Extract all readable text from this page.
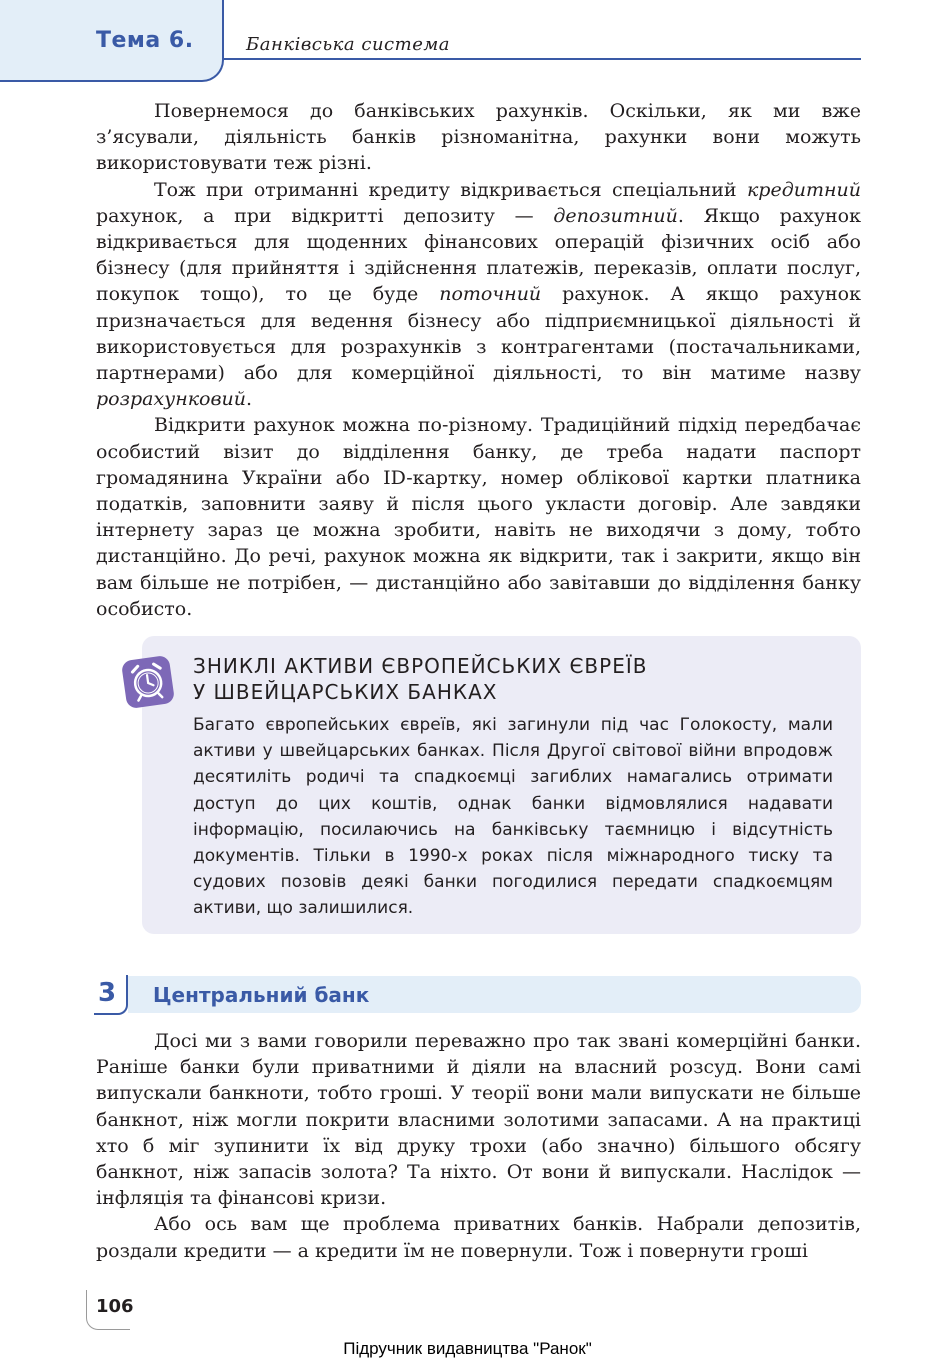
Тема 6.	Банківська система

Повернемося до банківських рахунків. Оскільки, як ми вже з’ясували, діяльність банків різноманітна, рахунки вони можуть використовувати теж різні.

Тож при отриманні кредиту відкривається спеціальний кредитний рахунок, а при відкритті депозиту — депозитний. Якщо рахунок відкривається для щоденних фінансових операцій фізичних осіб або бізнесу (для прийняття і здійснення платежів, переказів, оплати послуг, покупок тощо), то це буде поточний рахунок. А якщо рахунок призначається для ведення бізнесу або підприємницької діяльності й використовується для розрахунків з контрагентами (постачальниками, партнерами) або для комерційної діяльності, то він матиме назву розрахунковий.

Відкрити рахунок можна по-різному. Традиційний підхід передбачає особистий візит до відділення банку, де треба надати паспорт громадянина України або ID-картку, номер облікової картки платника податків, заповнити заяву й після цього укласти договір. Але завдяки інтернету зараз це можна зробити, навіть не виходячи з дому, тобто дистанційно. До речі, рахунок можна як відкрити, так і закрити, якщо він вам більше не потрібен, — дистанційно або завітавши до відділення банку особисто.

ЗНИКЛІ АКТИВИ ЄВРОПЕЙСЬКИХ ЄВРЕЇВ
У ШВЕЙЦАРСЬКИХ БАНКАХ
Багато європейських євреїв, які загинули під час Голокосту, мали активи у швейцарських банках. Після Другої світової війни впродовж десятиліть родичі та спадкоємці загиблих намагались отримати доступ до цих коштів, однак банки відмовлялися надавати інформацію, посилаючись на банківську таємницю і відсутність документів. Тільки в 1990-х роках після міжнародного тиску та судових позовів деякі банки погодилися передати спадкоємцям активи, що залишилися.
3	Центральний банк

Досі ми з вами говорили переважно про так звані комерційні банки. Раніше банки були приватними й діяли на власний розсуд. Вони самі випускали банкноти, тобто гроші. У теорії вони мали випускати не більше банкнот, ніж могли покрити власними золотими запасами. А на практиці хто б міг зупинити їх від друку трохи (або значно) більшого обсягу банкнот, ніж запасів золота? Та ніхто. От вони й випускали. Наслідок — інфляція та фінансові кризи.

Або ось вам ще проблема приватних банків. Набрали депозитів, роздали кредити — а кредити їм не повернули. Тож і повернути гроші

106
Підручник видавництва "Ранок"
